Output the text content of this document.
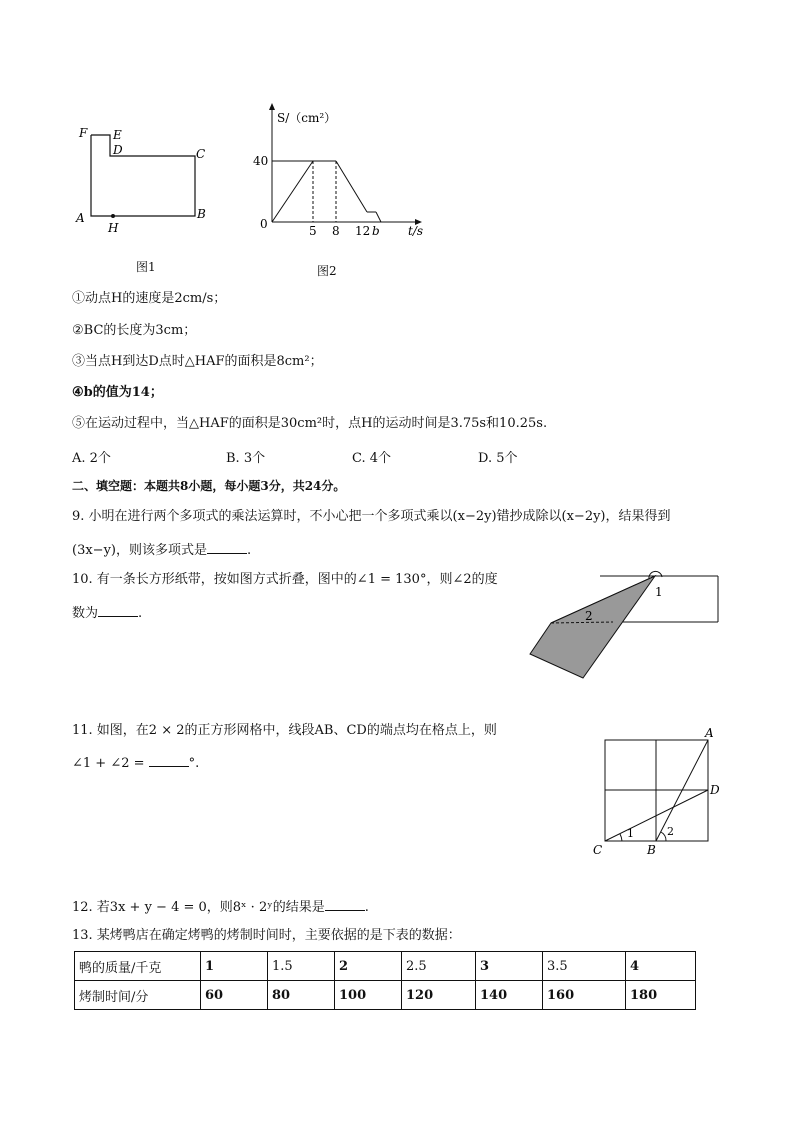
F E
D	C
A	B
H
图1
S/（cm²）
40
0	5 8 12 b t/s
图2
①动点H的速度是2cm/s；
②BC的长度为3cm；
③当点H到达D点时△HAF的面积是8cm²；
④b的值为14；
⑤在运动过程中，当△HAF的面积是30cm²时，点H的运动时间是3.75s和10.25s.
A. 2个	B. 3个	C. 4个	D. 5个
二、填空题：本题共8小题，每小题3分，共24分。
9. 小明在进行两个多项式的乘法运算时，不小心把一个多项式乘以(x−2y)错抄成除以(x−2y)，结果得到
(3x−y)，则该多项式是	.
10. 有一条长方形纸带，按如图方式折叠，图中的∠1 = 130°，则∠2的度
数为	.
1
2
11. 如图，在2 × 2的正方形网格中，线段AB、CD的端点均在格点上，则
∠1 + ∠2 =	°.
A
D
C	B
1	2
12. 若3x + y − 4 = 0，则8ˣ · 2ʸ的结果是	.
13. 某烤鸭店在确定烤鸭的烤制时间时，主要依据的是下表的数据：
鸭的质量/千克	1	1.5	2	2.5	3	3.5	4
烤制时间/分	60	80	100	120	140	160	180
